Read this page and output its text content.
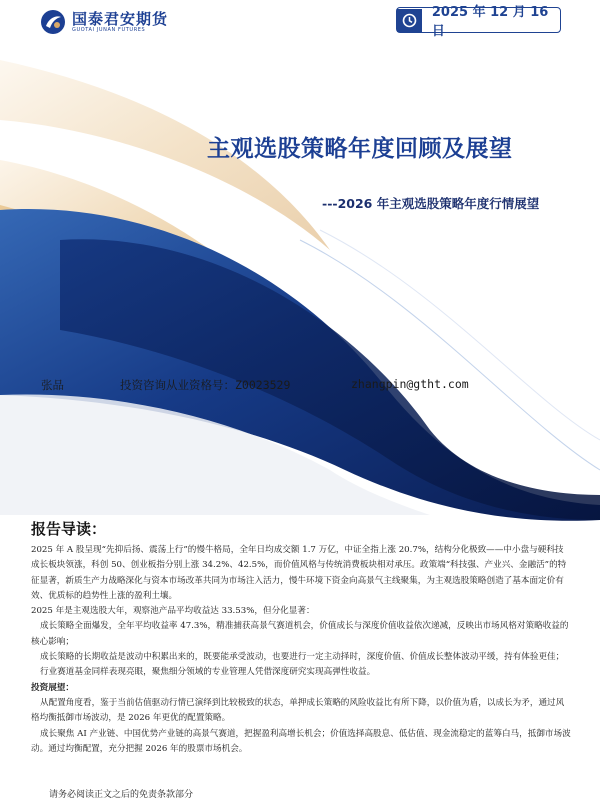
国泰君安期货
GUOTAI JUNAN FUTURES
2025 年 12 月 16 日
主观选股策略年度回顾及展望
---2026 年主观选股策略年度行情展望
张品	投资咨询从业资格号：Z0023529	zhangpin@gtht.com
报告导读：

2025 年 A 股呈现“先抑后扬、震荡上行”的慢牛格局，全年日均成交额 1.7 万亿，中证全指上涨 20.7%，结构分化极致——中小盘与硬科技成长板块领涨，科创 50、创业板指分别上涨 34.2%、42.5%，而价值风格与传统消费板块相对承压。政策端“科技强、产业兴、金融活”的特征显著，新质生产力战略深化与资本市场改革共同为市场注入活力，慢牛环境下资金向高景气主线聚集，为主观选股策略创造了基本面定价有效、优质标的趋势性上涨的盈利土壤。

2025 年是主观选股大年，观察池产品平均收益达 33.53%，但分化显著：

成长策略全面爆发，全年平均收益率 47.3%，精准捕获高景气赛道机会，价值成长与深度价值收益依次递减，反映出市场风格对策略收益的核心影响；

成长策略的长期收益是波动中积累出来的，既要能承受波动，也要进行一定主动择时，深度价值、价值成长整体波动平缓，持有体验更佳；

行业赛道基金同样表现亮眼，聚焦细分领域的专业管理人凭借深度研究实现高弹性收益。

投资展望：

从配置角度看，鉴于当前估值驱动行情已演绎到比较极致的状态，单押成长策略的风险收益比有所下降，以价值为盾，以成长为矛，通过风格均衡抵御市场波动，是 2026 年更优的配置策略。

成长聚焦 AI 产业链、中国优势产业链的高景气赛道，把握盈利高增长机会；价值选择高股息、低估值、现金流稳定的蓝筹白马，抵御市场波动。通过均衡配置，充分把握 2026 年的股票市场机会。

请务必阅读正文之后的免责条款部分
